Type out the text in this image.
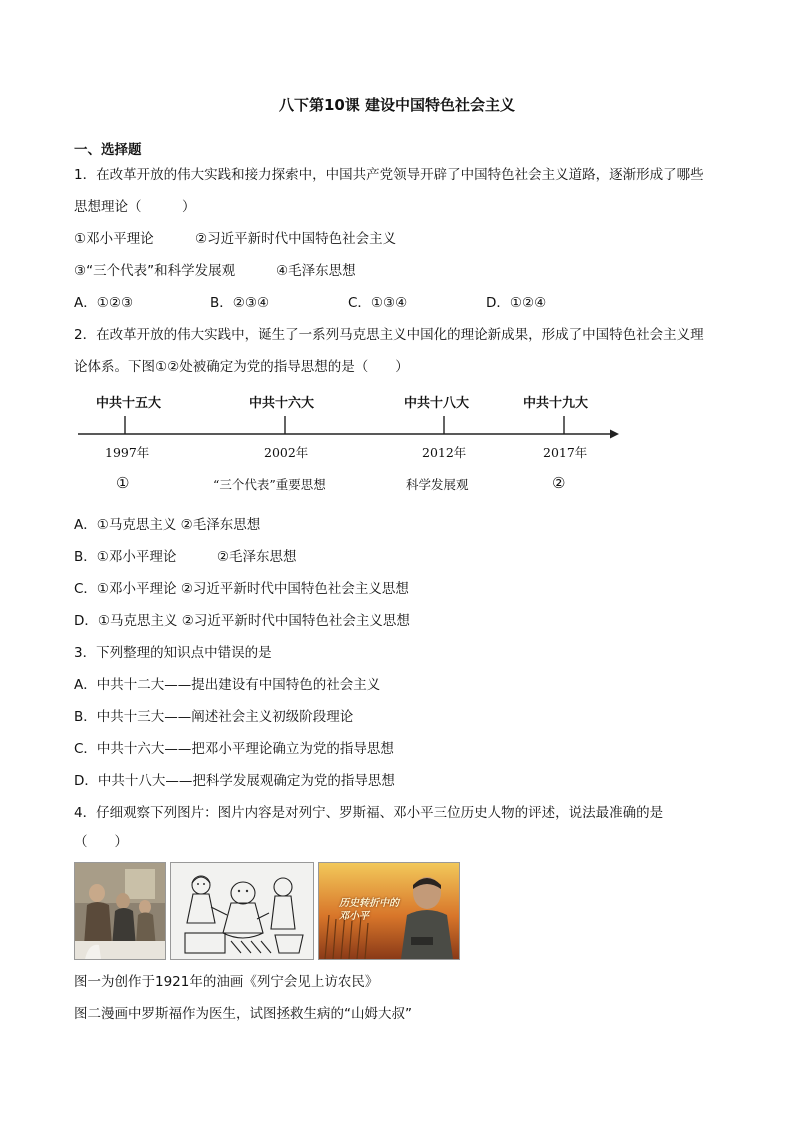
八下第10课 建设中国特色社会主义
一、选择题
1．在改革开放的伟大实践和接力探索中，中国共产党领导开辟了中国特色社会主义道路，逐渐形成了哪些
思想理论（　　　）
①邓小平理论	②习近平新时代中国特色社会主义
③“三个代表”和科学发展观	④毛泽东思想
A．①②③	B．②③④	C．①③④	D．①②④
2．在改革开放的伟大实践中，诞生了一系列马克思主义中国化的理论新成果，形成了中国特色社会主义理
论体系。下图①②处被确定为党的指导思想的是（　　）
中共十五大	中共十六大	中共十八大	中共十九大
1997年	2002年	2012年	2017年
①	“三个代表”重要思想	科学发展观	②
A．①马克思主义 ②毛泽东思想
B．①邓小平理论　　　②毛泽东思想
C．①邓小平理论 ②习近平新时代中国特色社会主义思想
D．①马克思主义 ②习近平新时代中国特色社会主义思想
3．下列整理的知识点中错误的是
A．中共十二大——提出建设有中国特色的社会主义
B．中共十三大——阐述社会主义初级阶段理论
C．中共十六大——把邓小平理论确立为党的指导思想
D．中共十八大——把科学发展观确定为党的指导思想
4．仔细观察下列图片：图片内容是对列宁、罗斯福、邓小平三位历史人物的评述，说法最准确的是
（　　）
历史转折中的 邓小平
图一为创作于1921年的油画《列宁会见上访农民》
图二漫画中罗斯福作为医生，试图拯救生病的“山姆大叔”
